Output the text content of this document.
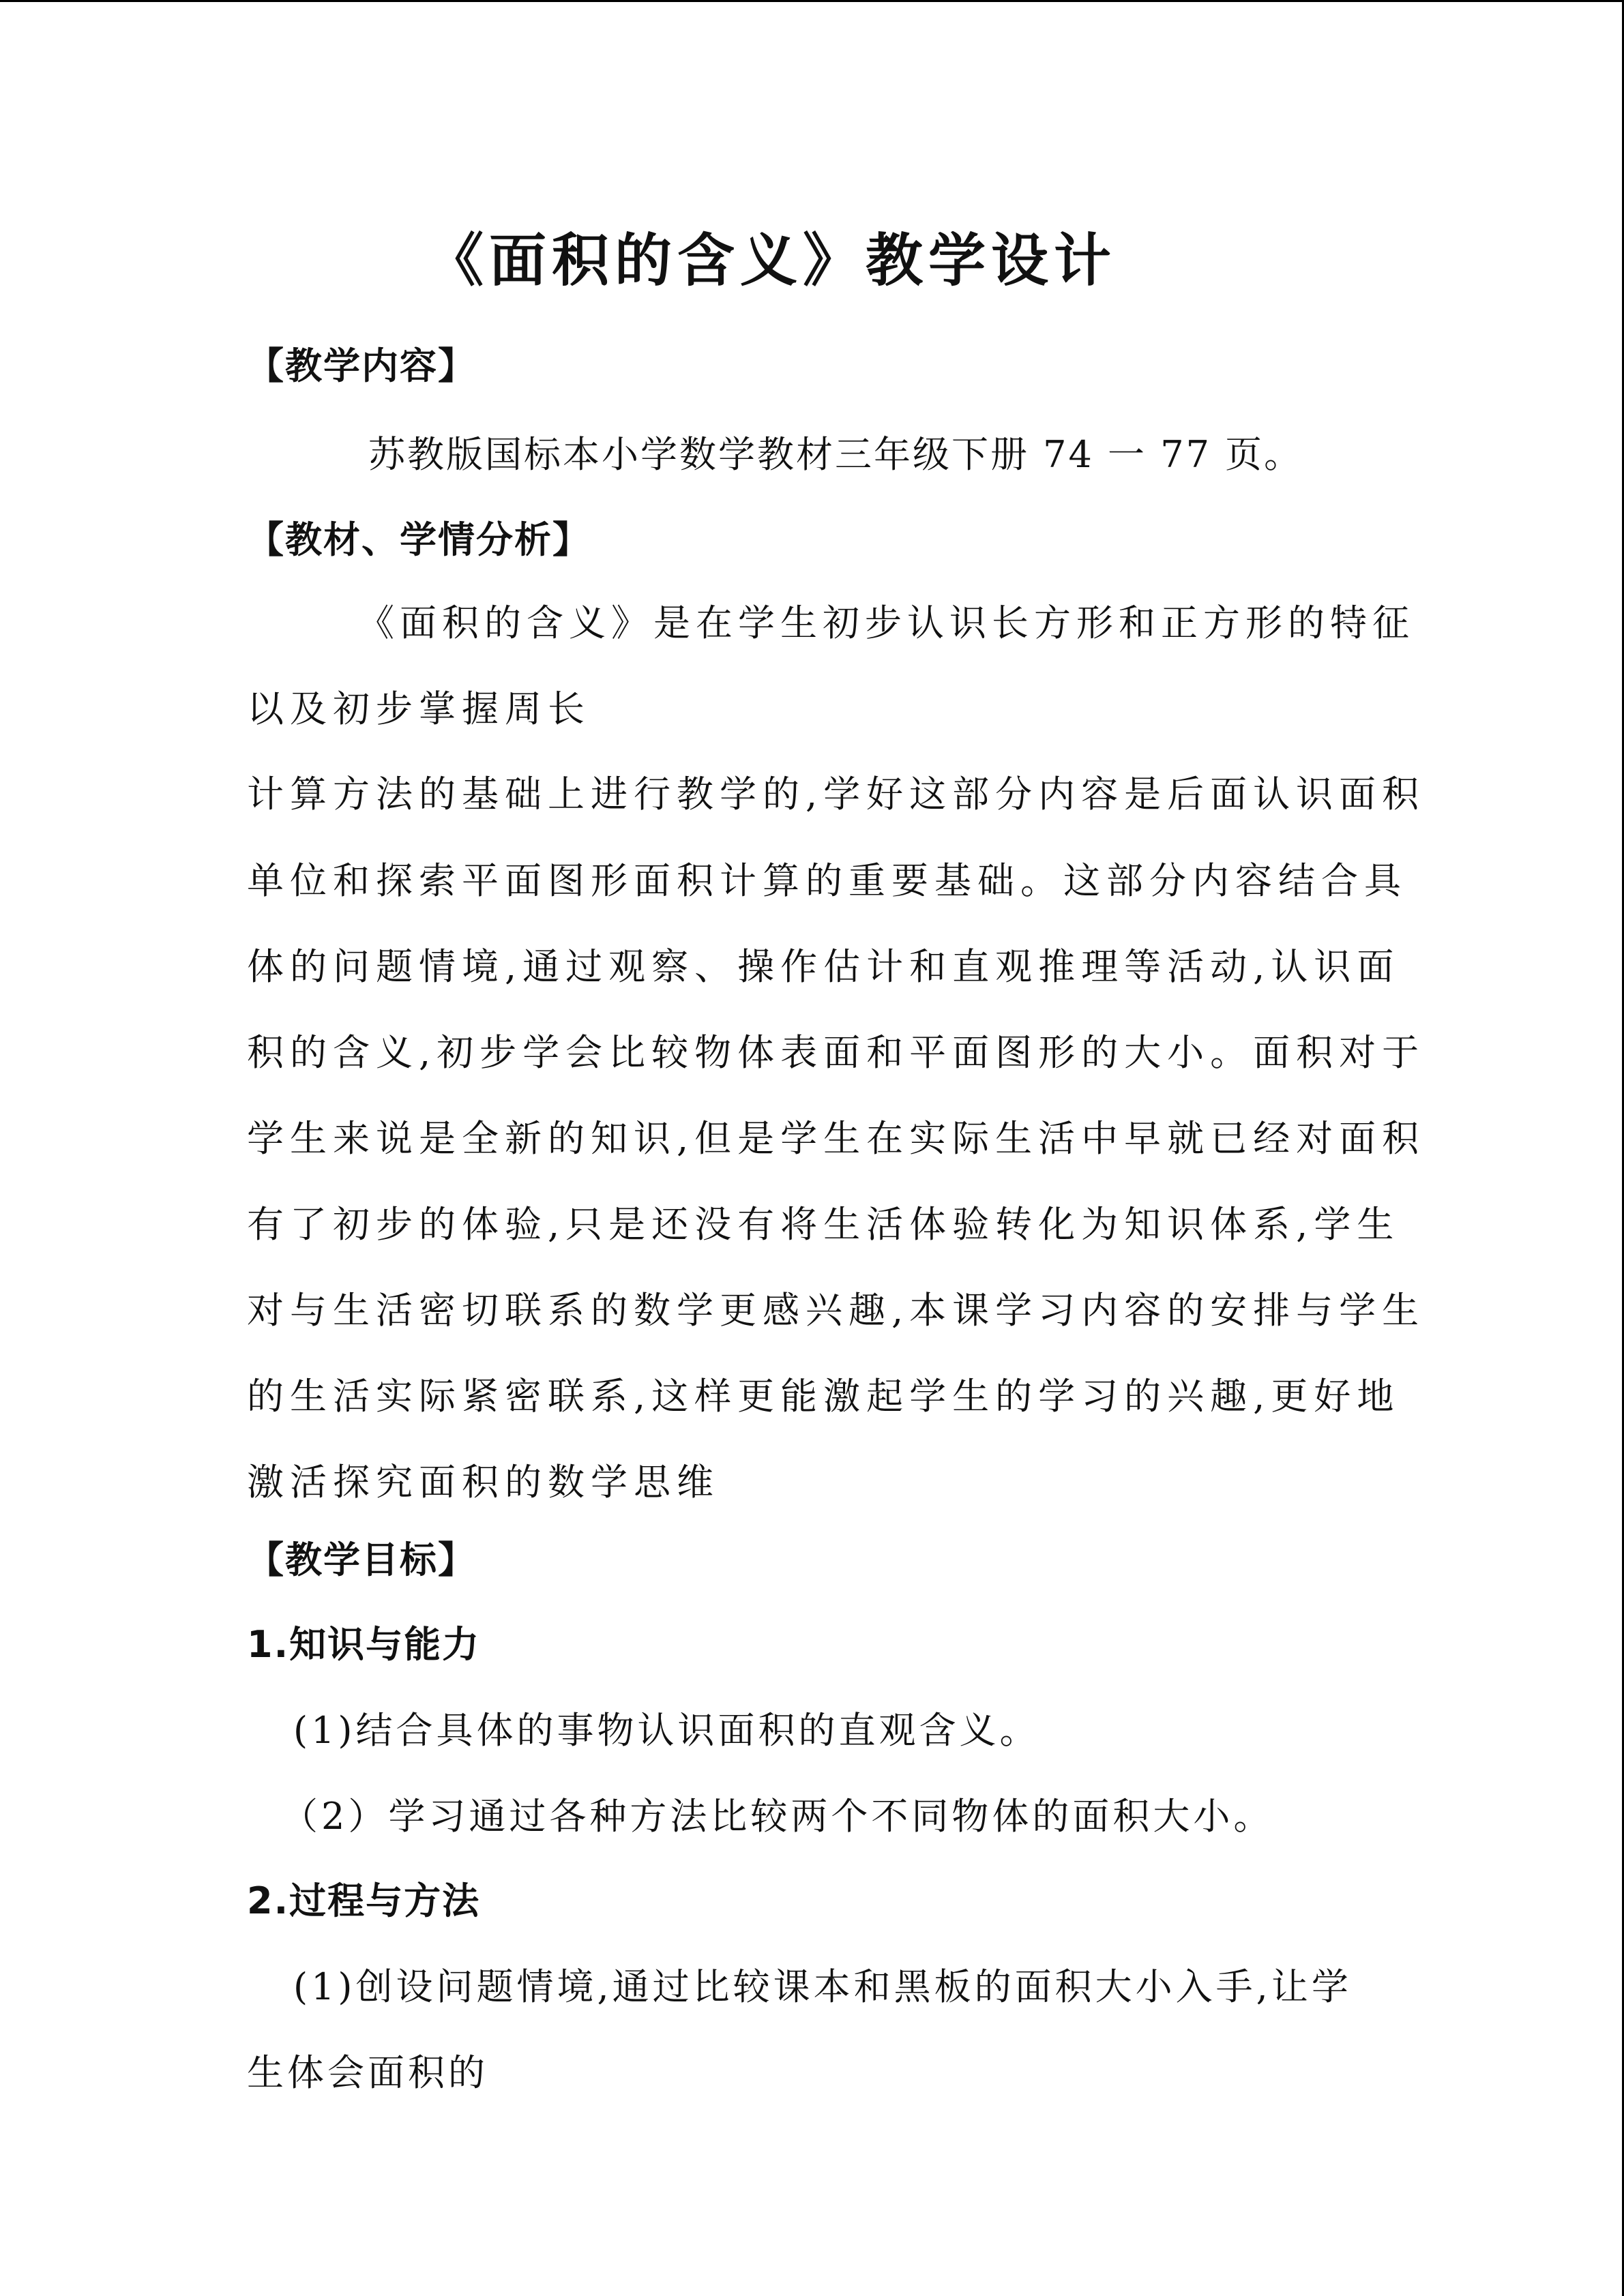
《面积的含义》教学设计
【教学内容】
苏教版国标本小学数学教材三年级下册 74 一 77 页。
【教材、学情分析】
《面积的含义》是在学生初步认识长方形和正方形的特征
以及初步掌握周长
计算方法的基础上进行教学的,学好这部分内容是后面认识面积
单位和探索平面图形面积计算的重要基础。这部分内容结合具
体的问题情境,通过观察、操作估计和直观推理等活动,认识面
积的含义,初步学会比较物体表面和平面图形的大小。面积对于
学生来说是全新的知识,但是学生在实际生活中早就已经对面积
有了初步的体验,只是还没有将生活体验转化为知识体系,学生
对与生活密切联系的数学更感兴趣,本课学习内容的安排与学生
的生活实际紧密联系,这样更能激起学生的学习的兴趣,更好地
激活探究面积的数学思维
【教学目标】
1.知识与能力
(1)结合具体的事物认识面积的直观含义。
（2）学习通过各种方法比较两个不同物体的面积大小。
2.过程与方法
(1)创设问题情境,通过比较课本和黑板的面积大小入手,让学
生体会面积的
